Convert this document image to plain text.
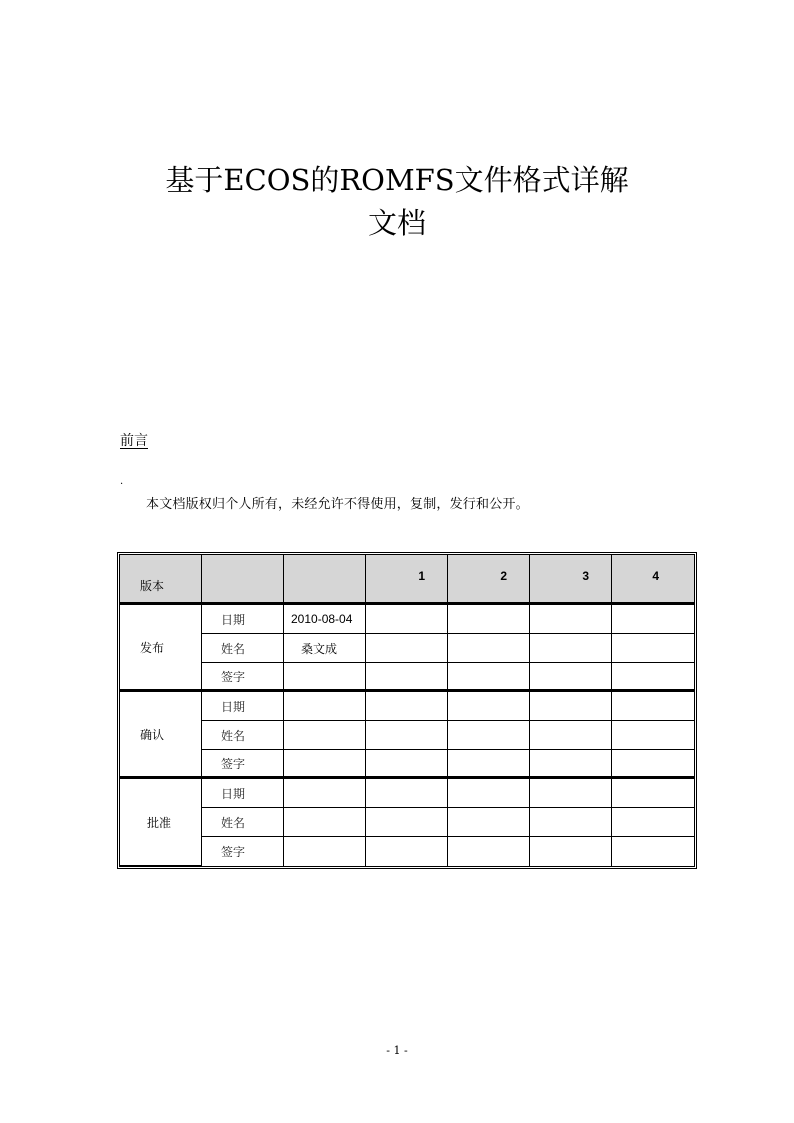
基于ECOS的ROMFS文件格式详解
文档
前言
.
本文档版权归个人所有，未经允许不得使用，复制，发行和公开。
版本			1	2	3	4
发布	日期	2010-08-04				
	姓名	桑文成				
	签字					
确认	日期					
	姓名					
	签字					
批准	日期					
	姓名					
	签字					
- 1 -
